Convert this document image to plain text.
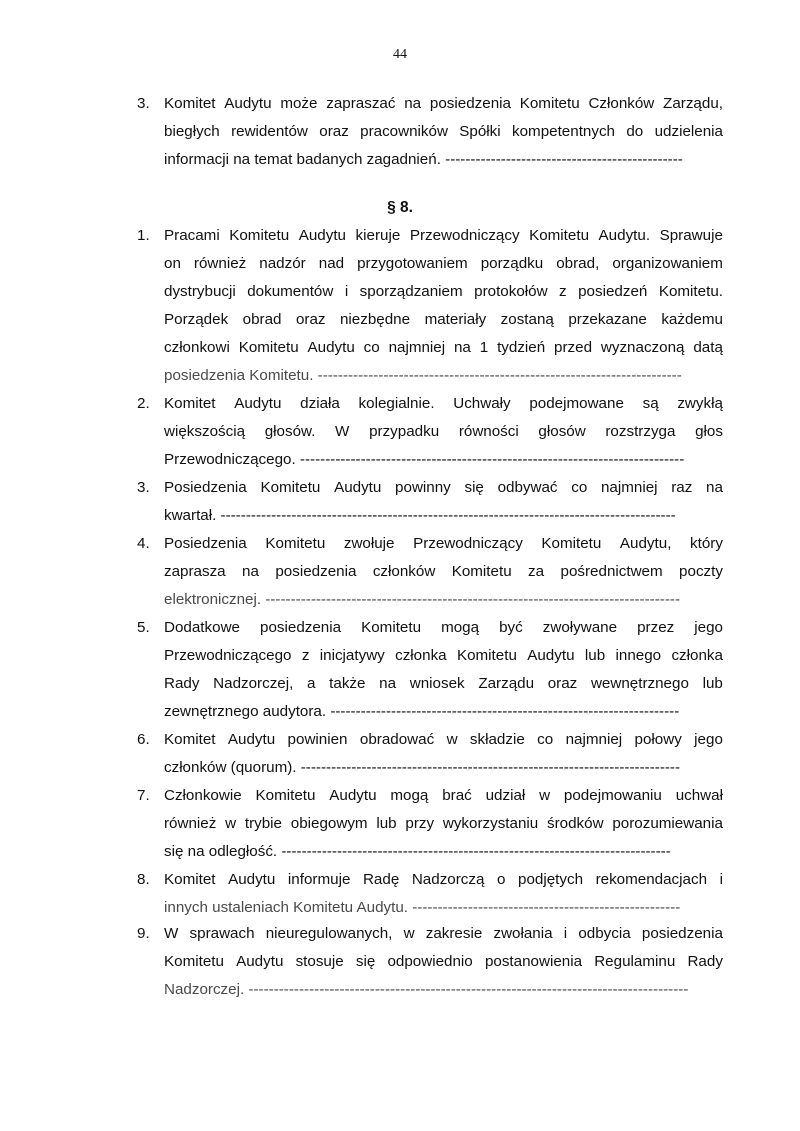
44
3. Komitet Audytu może zapraszać na posiedzenia Komitetu Członków Zarządu,
biegłych rewidentów oraz pracowników Spółki kompetentnych do udzielenia
informacji na temat badanych zagadnień. -----------------------------------------------
§ 8.
1. Pracami Komitetu Audytu kieruje Przewodniczący Komitetu Audytu. Sprawuje
on również nadzór nad przygotowaniem porządku obrad, organizowaniem
dystrybucji dokumentów i sporządzaniem protokołów z posiedzeń Komitetu.
Porządek obrad oraz niezbędne materiały zostaną przekazane każdemu
członkowi Komitetu Audytu co najmniej na 1 tydzień przed wyznaczoną datą
posiedzenia Komitetu. ------------------------------------------------------------------------
2. Komitet Audytu działa kolegialnie. Uchwały podejmowane są zwykłą
większością głosów. W przypadku równości głosów rozstrzyga głos
Przewodniczącego. ----------------------------------------------------------------------------
3. Posiedzenia Komitetu Audytu powinny się odbywać co najmniej raz na
kwartał. ------------------------------------------------------------------------------------------
4. Posiedzenia Komitetu zwołuje Przewodniczący Komitetu Audytu, który
zaprasza na posiedzenia członków Komitetu za pośrednictwem poczty
elektronicznej. ----------------------------------------------------------------------------------
5. Dodatkowe posiedzenia Komitetu mogą być zwoływane przez jego
Przewodniczącego z inicjatywy członka Komitetu Audytu lub innego członka
Rady Nadzorczej, a także na wniosek Zarządu oraz wewnętrznego lub
zewnętrznego audytora. ---------------------------------------------------------------------
6. Komitet Audytu powinien obradować w składzie co najmniej połowy jego
członków (quorum). ---------------------------------------------------------------------------
7. Członkowie Komitetu Audytu mogą brać udział w podejmowaniu uchwał
również w trybie obiegowym lub przy wykorzystaniu środków porozumiewania
się na odległość. -----------------------------------------------------------------------------
8. Komitet Audytu informuje Radę Nadzorczą o podjętych rekomendacjach i
innych ustaleniach Komitetu Audytu. -----------------------------------------------------
9. W sprawach nieuregulowanych, w zakresie zwołania i odbycia posiedzenia
Komitetu Audytu stosuje się odpowiednio postanowienia Regulaminu Rady
Nadzorczej. ---------------------------------------------------------------------------------------
